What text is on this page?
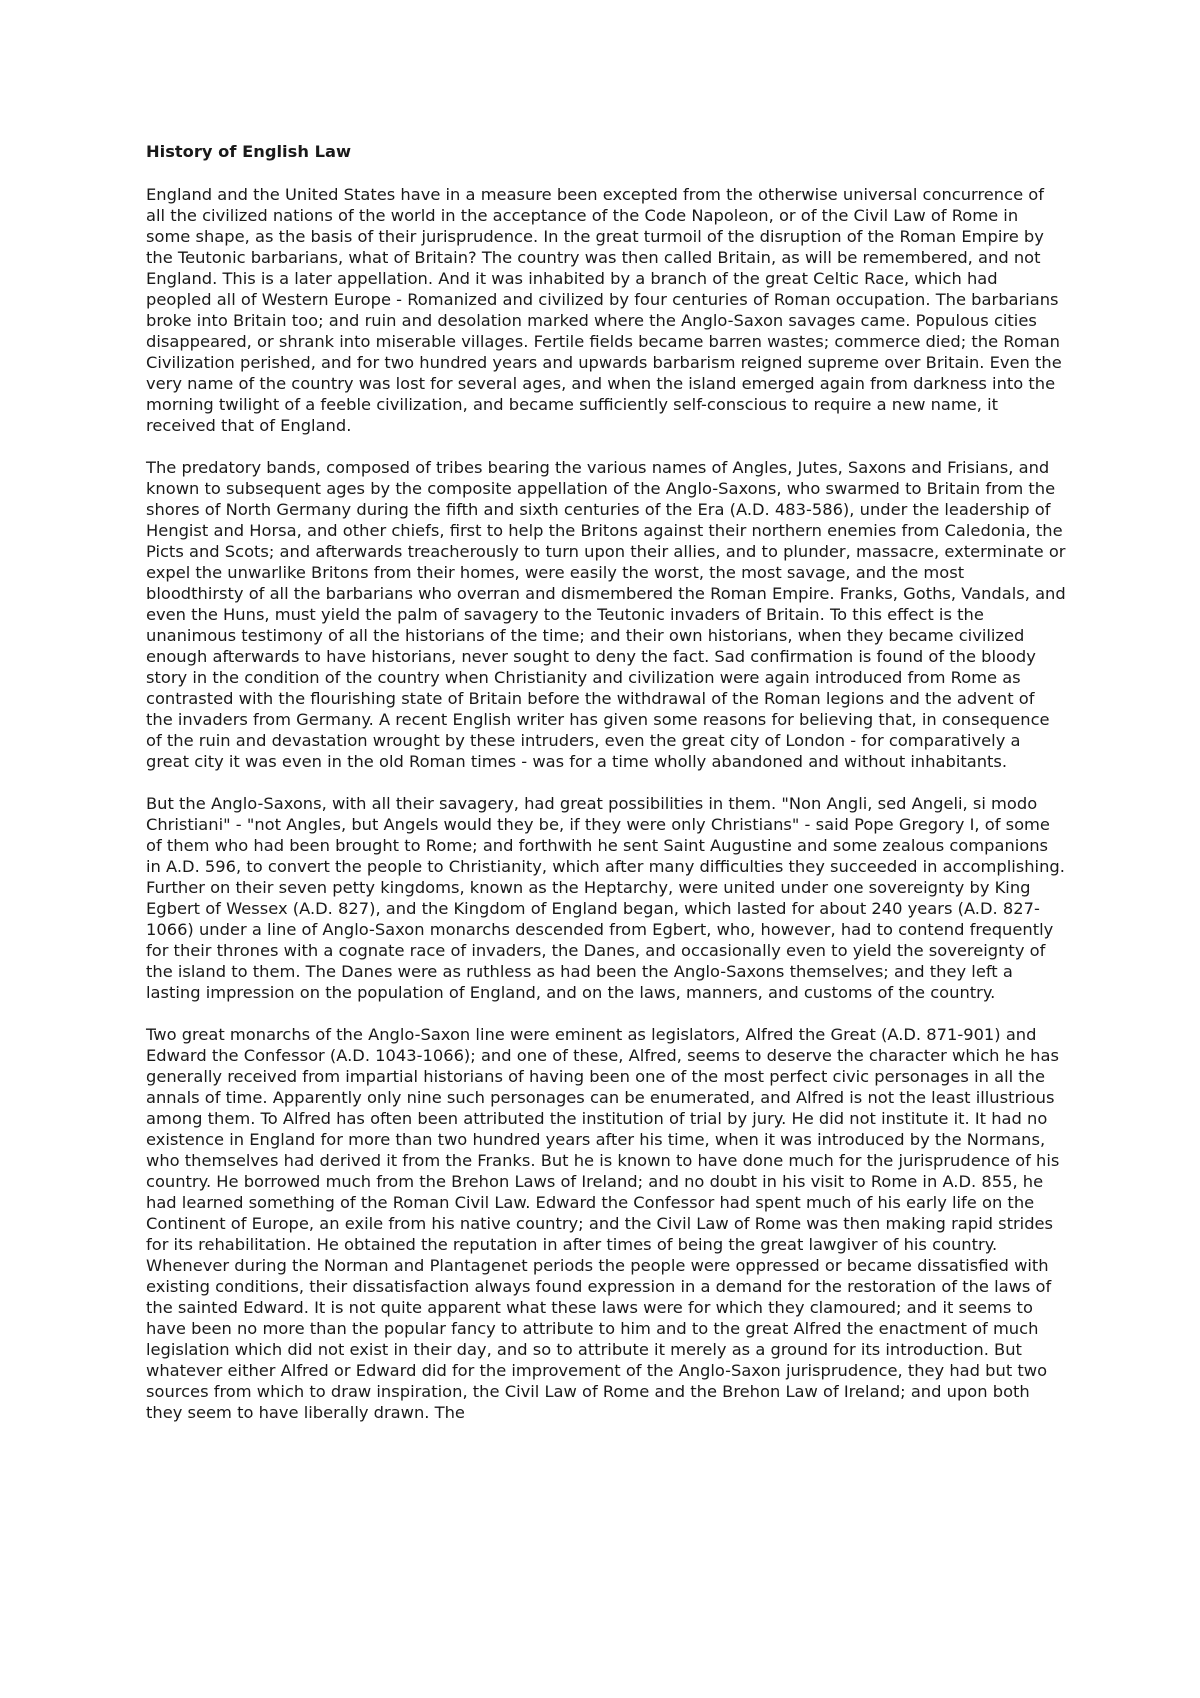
History of English Law

England and the United States have in a measure been excepted from the otherwise universal concurrence of all the civilized nations of the world in the acceptance of the Code Napoleon, or of the Civil Law of Rome in some shape, as the basis of their jurisprudence. In the great turmoil of the disruption of the Roman Empire by the Teutonic barbarians, what of Britain? The country was then called Britain, as will be remembered, and not England. This is a later appellation. And it was inhabited by a branch of the great Celtic Race, which had peopled all of Western Europe - Romanized and civilized by four centuries of Roman occupation. The barbarians broke into Britain too; and ruin and desolation marked where the Anglo-Saxon savages came. Populous cities disappeared, or shrank into miserable villages. Fertile fields became barren wastes; commerce died; the Roman Civilization perished, and for two hundred years and upwards barbarism reigned supreme over Britain. Even the very name of the country was lost for several ages, and when the island emerged again from darkness into the morning twilight of a feeble civilization, and became sufficiently self-conscious to require a new name, it received that of England.

The predatory bands, composed of tribes bearing the various names of Angles, Jutes, Saxons and Frisians, and known to subsequent ages by the composite appellation of the Anglo-Saxons, who swarmed to Britain from the shores of North Germany during the fifth and sixth centuries of the Era (A.D. 483-586), under the leadership of Hengist and Horsa, and other chiefs, first to help the Britons against their northern enemies from Caledonia, the Picts and Scots; and afterwards treacherously to turn upon their allies, and to plunder, massacre, exterminate or expel the unwarlike Britons from their homes, were easily the worst, the most savage, and the most bloodthirsty of all the barbarians who overran and dismembered the Roman Empire. Franks, Goths, Vandals, and even the Huns, must yield the palm of savagery to the Teutonic invaders of Britain. To this effect is the unanimous testimony of all the historians of the time; and their own historians, when they became civilized enough afterwards to have historians, never sought to deny the fact. Sad confirmation is found of the bloody story in the condition of the country when Christianity and civilization were again introduced from Rome as contrasted with the flourishing state of Britain before the withdrawal of the Roman legions and the advent of the invaders from Germany. A recent English writer has given some reasons for believing that, in consequence of the ruin and devastation wrought by these intruders, even the great city of London - for comparatively a great city it was even in the old Roman times - was for a time wholly abandoned and without inhabitants.

But the Anglo-Saxons, with all their savagery, had great possibilities in them. "Non Angli, sed Angeli, si modo Christiani" - "not Angles, but Angels would they be, if they were only Christians" - said Pope Gregory I, of some of them who had been brought to Rome; and forthwith he sent Saint Augustine and some zealous companions in A.D. 596, to convert the people to Christianity, which after many difficulties they succeeded in accomplishing. Further on their seven petty kingdoms, known as the Heptarchy, were united under one sovereignty by King Egbert of Wessex (A.D. 827), and the Kingdom of England began, which lasted for about 240 years (A.D. 827-1066) under a line of Anglo-Saxon monarchs descended from Egbert, who, however, had to contend frequently for their thrones with a cognate race of invaders, the Danes, and occasionally even to yield the sovereignty of the island to them. The Danes were as ruthless as had been the Anglo-Saxons themselves; and they left a lasting impression on the population of England, and on the laws, manners, and customs of the country.

Two great monarchs of the Anglo-Saxon line were eminent as legislators, Alfred the Great (A.D. 871-901) and Edward the Confessor (A.D. 1043-1066); and one of these, Alfred, seems to deserve the character which he has generally received from impartial historians of having been one of the most perfect civic personages in all the annals of time. Apparently only nine such personages can be enumerated, and Alfred is not the least illustrious among them. To Alfred has often been attributed the institution of trial by jury. He did not institute it. It had no existence in England for more than two hundred years after his time, when it was introduced by the Normans, who themselves had derived it from the Franks. But he is known to have done much for the jurisprudence of his country. He borrowed much from the Brehon Laws of Ireland; and no doubt in his visit to Rome in A.D. 855, he had learned something of the Roman Civil Law. Edward the Confessor had spent much of his early life on the Continent of Europe, an exile from his native country; and the Civil Law of Rome was then making rapid strides for its rehabilitation. He obtained the reputation in after times of being the great lawgiver of his country. Whenever during the Norman and Plantagenet periods the people were oppressed or became dissatisfied with existing conditions, their dissatisfaction always found expression in a demand for the restoration of the laws of the sainted Edward. It is not quite apparent what these laws were for which they clamoured; and it seems to have been no more than the popular fancy to attribute to him and to the great Alfred the enactment of much legislation which did not exist in their day, and so to attribute it merely as a ground for its introduction. But whatever either Alfred or Edward did for the improvement of the Anglo-Saxon jurisprudence, they had but two sources from which to draw inspiration, the Civil Law of Rome and the Brehon Law of Ireland; and upon both they seem to have liberally drawn. The
